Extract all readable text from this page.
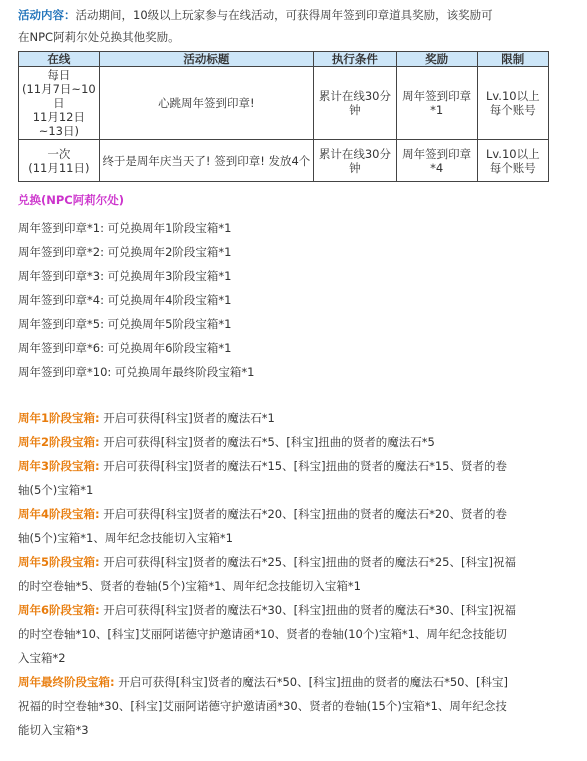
活动内容：活动期间，10级以上玩家参与在线活动，可获得周年签到印章道具奖励，该奖励可
在NPC阿莉尔处兑换其他奖励。
在线	活动标题	执行条件	奖励	限制
每日
(11月7日~10日
11月12日~13日)	心跳周年签到印章!	累计在线30分钟	周年签到印章*1	Lv.10以上
每个账号
一次
(11月11日)	终于是周年庆当天了! 签到印章! 发放4个	累计在线30分钟	周年签到印章*4	Lv.10以上
每个账号
兑换(NPC阿莉尔处)
周年签到印章*1: 可兑换周年1阶段宝箱*1
周年签到印章*2: 可兑换周年2阶段宝箱*1
周年签到印章*3: 可兑换周年3阶段宝箱*1
周年签到印章*4: 可兑换周年4阶段宝箱*1
周年签到印章*5: 可兑换周年5阶段宝箱*1
周年签到印章*6: 可兑换周年6阶段宝箱*1
周年签到印章*10: 可兑换周年最终阶段宝箱*1
周年1阶段宝箱: 开启可获得[科宝]贤者的魔法石*1
周年2阶段宝箱: 开启可获得[科宝]贤者的魔法石*5、[科宝]扭曲的贤者的魔法石*5
周年3阶段宝箱: 开启可获得[科宝]贤者的魔法石*15、[科宝]扭曲的贤者的魔法石*15、贤者的卷轴(5个)宝箱*1
周年4阶段宝箱: 开启可获得[科宝]贤者的魔法石*20、[科宝]扭曲的贤者的魔法石*20、贤者的卷轴(5个)宝箱*1、周年纪念技能切入宝箱*1
周年5阶段宝箱: 开启可获得[科宝]贤者的魔法石*25、[科宝]扭曲的贤者的魔法石*25、[科宝]祝福的时空卷轴*5、贤者的卷轴(5个)宝箱*1、周年纪念技能切入宝箱*1
周年6阶段宝箱: 开启可获得[科宝]贤者的魔法石*30、[科宝]扭曲的贤者的魔法石*30、[科宝]祝福的时空卷轴*10、[科宝]艾丽阿诺德守护邀请函*10、贤者的卷轴(10个)宝箱*1、周年纪念技能切入宝箱*2
周年最终阶段宝箱: 开启可获得[科宝]贤者的魔法石*50、[科宝]扭曲的贤者的魔法石*50、[科宝]祝福的时空卷轴*30、[科宝]艾丽阿诺德守护邀请函*30、贤者的卷轴(15个)宝箱*1、周年纪念技能切入宝箱*3
